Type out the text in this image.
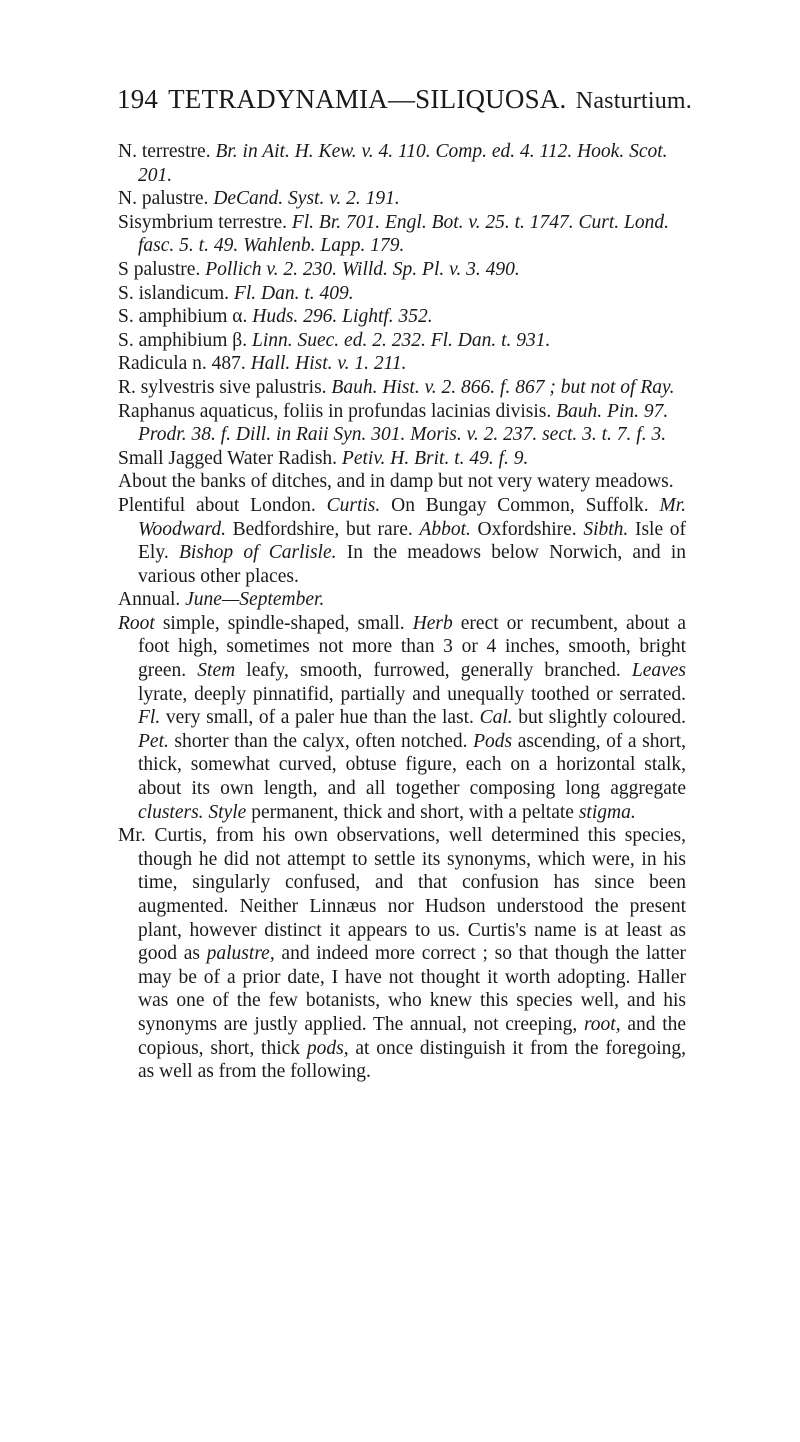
194 TETRADYNAMIA—SILIQUOSA. Nasturtium.

N. terrestre. Br. in Ait. H. Kew. v. 4. 110. Comp. ed. 4. 112. Hook. Scot. 201.

N. palustre. DeCand. Syst. v. 2. 191.

Sisymbrium terrestre. Fl. Br. 701. Engl. Bot. v. 25. t. 1747. Curt. Lond. fasc. 5. t. 49. Wahlenb. Lapp. 179.

S palustre. Pollich v. 2. 230. Willd. Sp. Pl. v. 3. 490.

S. islandicum. Fl. Dan. t. 409.

S. amphibium α. Huds. 296. Lightf. 352.

S. amphibium β. Linn. Suec. ed. 2. 232. Fl. Dan. t. 931.

Radicula n. 487. Hall. Hist. v. 1. 211.

R. sylvestris sive palustris. Bauh. Hist. v. 2. 866. f. 867 ; but not of Ray.

Raphanus aquaticus, foliis in profundas lacinias divisis. Bauh. Pin. 97. Prodr. 38. f. Dill. in Raii Syn. 301. Moris. v. 2. 237. sect. 3. t. 7. f. 3.

Small Jagged Water Radish. Petiv. H. Brit. t. 49. f. 9.

About the banks of ditches, and in damp but not very watery meadows.

Plentiful about London. Curtis. On Bungay Common, Suffolk. Mr. Woodward. Bedfordshire, but rare. Abbot. Oxfordshire. Sibth. Isle of Ely. Bishop of Carlisle. In the meadows below Norwich, and in various other places.

Annual. June—September.

Root simple, spindle-shaped, small. Herb erect or recumbent, about a foot high, sometimes not more than 3 or 4 inches, smooth, bright green. Stem leafy, smooth, furrowed, generally branched. Leaves lyrate, deeply pinnatifid, partially and unequally toothed or serrated. Fl. very small, of a paler hue than the last. Cal. but slightly coloured. Pet. shorter than the calyx, often notched. Pods ascending, of a short, thick, somewhat curved, obtuse figure, each on a horizontal stalk, about its own length, and all together composing long aggregate clusters. Style permanent, thick and short, with a peltate stigma.

Mr. Curtis, from his own observations, well determined this species, though he did not attempt to settle its synonyms, which were, in his time, singularly confused, and that confusion has since been augmented. Neither Linnæus nor Hudson understood the present plant, however distinct it appears to us. Curtis's name is at least as good as palustre, and indeed more correct ; so that though the latter may be of a prior date, I have not thought it worth adopting. Haller was one of the few botanists, who knew this species well, and his synonyms are justly applied. The annual, not creeping, root, and the copious, short, thick pods, at once distinguish it from the foregoing, as well as from the following.
